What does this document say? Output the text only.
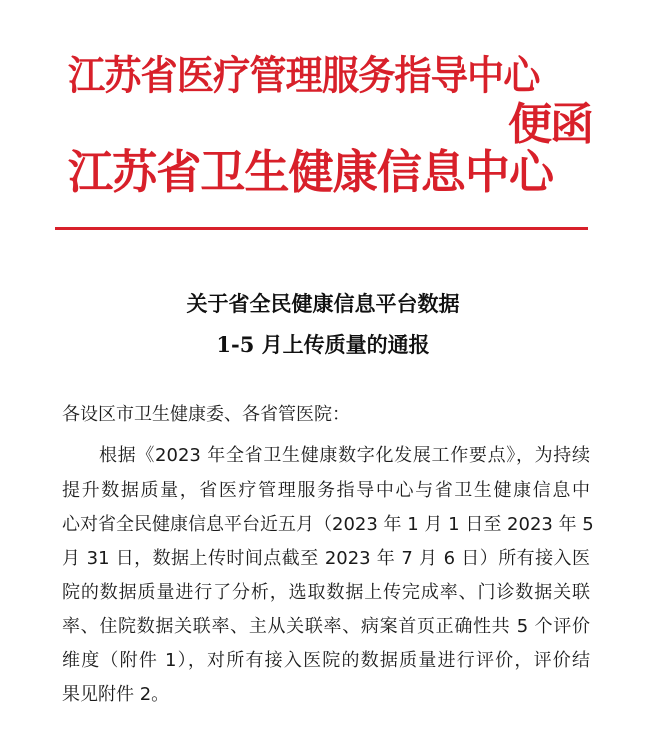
江苏省医疗管理服务指导中心
江苏省卫生健康信息中心
便函
关于省全民健康信息平台数据
1-5 月上传质量的通报
各设区市卫生健康委、各省管医院：
根据《2023 年全省卫生健康数字化发展工作要点》，为持续
提升数据质量，省医疗管理服务指导中心与省卫生健康信息中
心对省全民健康信息平台近五月（2023 年 1 月 1 日至 2023 年 5
月 31 日，数据上传时间点截至 2023 年 7 月 6 日）所有接入医
院的数据质量进行了分析，选取数据上传完成率、门诊数据关联
率、住院数据关联率、主从关联率、病案首页正确性共 5 个评价
维度（附件 1），对所有接入医院的数据质量进行评价，评价结
果见附件 2。
